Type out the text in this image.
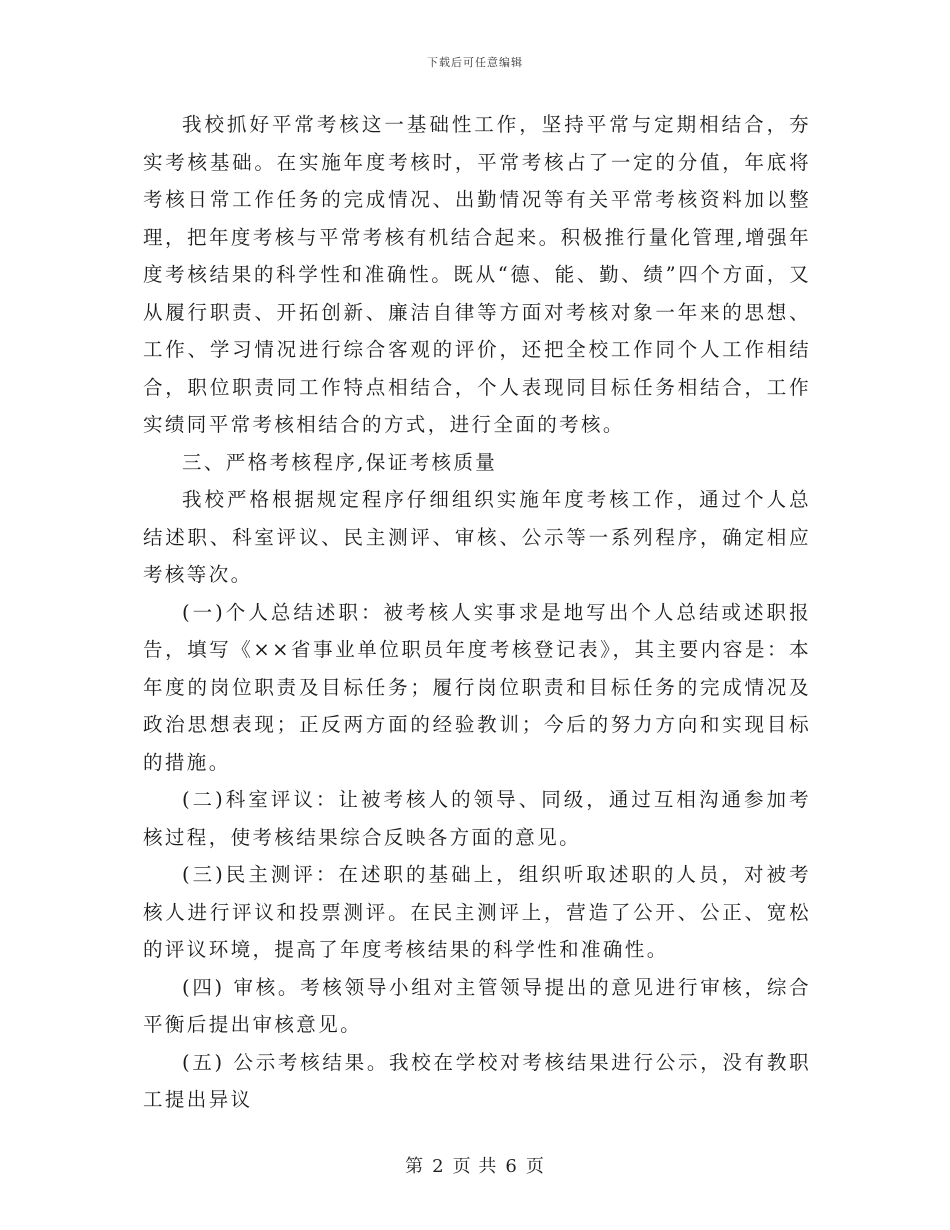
下载后可任意编辑

我校抓好平常考核这一基础性工作，坚持平常与定期相结合，夯实考核基础。在实施年度考核时，平常考核占了一定的分值，年底将考核日常工作任务的完成情况、出勤情况等有关平常考核资料加以整理，把年度考核与平常考核有机结合起来。积极推行量化管理,增强年度考核结果的科学性和准确性。既从“德、能、勤、绩”四个方面，又从履行职责、开拓创新、廉洁自律等方面对考核对象一年来的思想、工作、学习情况进行综合客观的评价，还把全校工作同个人工作相结合，职位职责同工作特点相结合，个人表现同目标任务相结合，工作实绩同平常考核相结合的方式，进行全面的考核。

三、严格考核程序,保证考核质量

我校严格根据规定程序仔细组织实施年度考核工作，通过个人总结述职、科室评议、民主测评、审核、公示等一系列程序，确定相应考核等次。

(一)个人总结述职：被考核人实事求是地写出个人总结或述职报告，填写《××省事业单位职员年度考核登记表》，其主要内容是：本年度的岗位职责及目标任务；履行岗位职责和目标任务的完成情况及政治思想表现；正反两方面的经验教训；今后的努力方向和实现目标的措施。

(二)科室评议：让被考核人的领导、同级，通过互相沟通参加考核过程，使考核结果综合反映各方面的意见。

(三)民主测评：在述职的基础上，组织听取述职的人员，对被考核人进行评议和投票测评。在民主测评上，营造了公开、公正、宽松的评议环境，提高了年度考核结果的科学性和准确性。

(四) 审核。考核领导小组对主管领导提出的意见进行审核，综合平衡后提出审核意见。

(五) 公示考核结果。我校在学校对考核结果进行公示，没有教职工提出异议

第 2 页 共 6 页
